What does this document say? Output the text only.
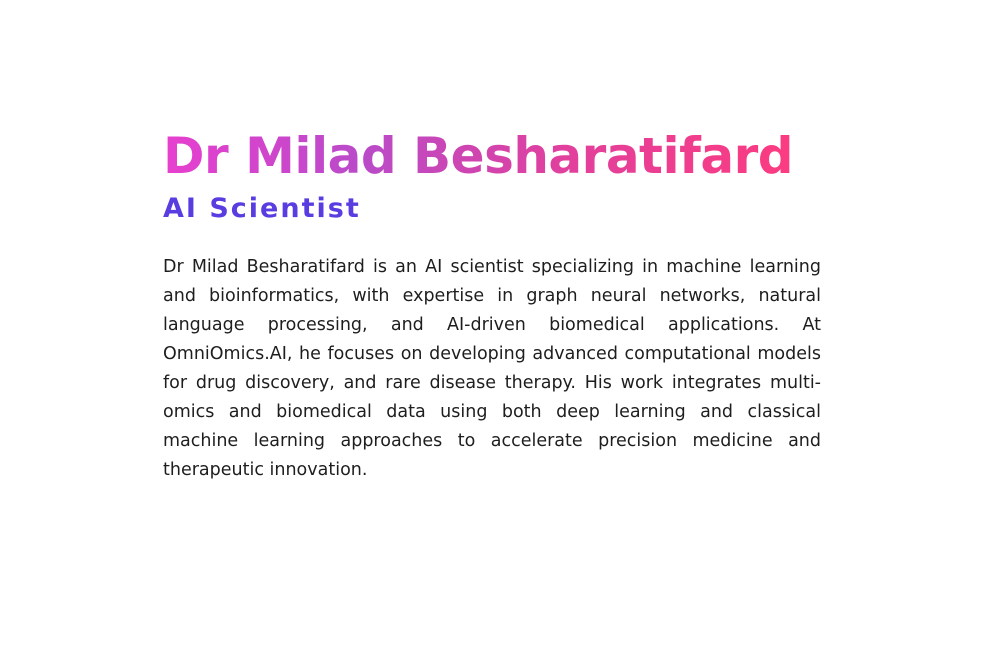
Dr Milad Besharatifard
AI Scientist

Dr Milad Besharatifard is an AI scientist specializing in machine learning and bioinformatics, with expertise in graph neural networks, natural language processing, and AI-driven biomedical applications. At OmniOmics.AI, he focuses on developing advanced computational models for drug discovery, and rare disease therapy. His work integrates multi-omics and biomedical data using both deep learning and classical machine learning approaches to accelerate precision medicine and therapeutic innovation.
